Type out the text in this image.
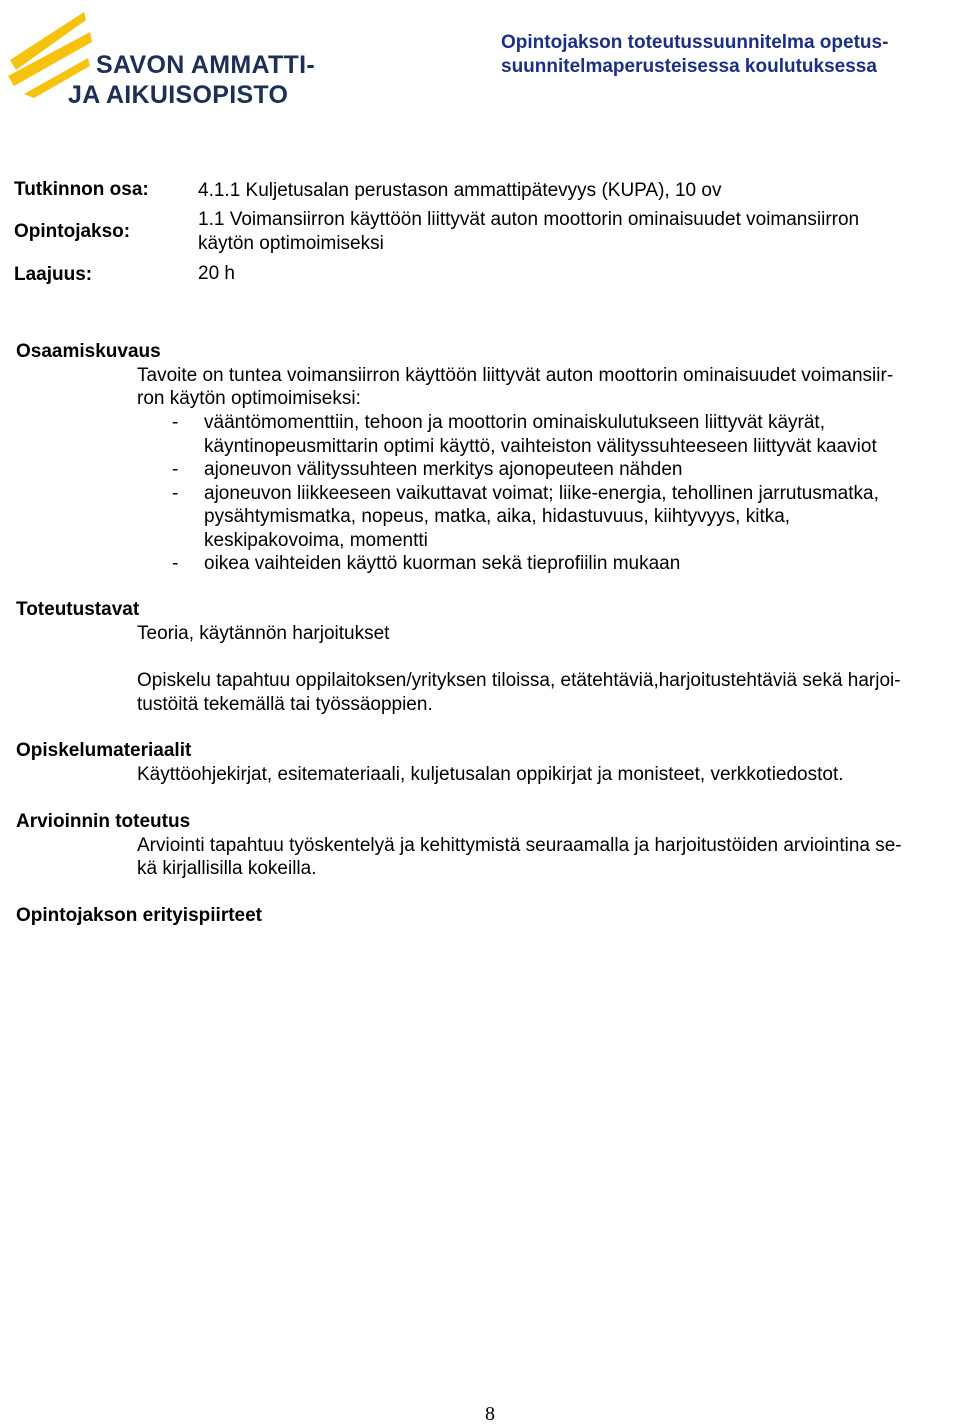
SAVON AMMATTI-
JA AIKUISOPISTO
Opintojakson toteutussuunnitelma opetus-
suunnitelmaperusteisessa koulutuksessa
Tutkinnon osa:	4.1.1 Kuljetusalan perustason ammattipätevyys (KUPA), 10 ov
Opintojakso:
1.1 Voimansiirron käyttöön liittyvät auton moottorin ominaisuudet voimansiirron
käytön optimoimiseksi
Laajuus:	20 h
Osaamiskuvaus
Tavoite on tuntea voimansiirron käyttöön liittyvät auton moottorin ominaisuudet voimansiir-
ron käytön optimoimiseksi:
- vääntömomenttiin, tehoon ja moottorin ominaiskulutukseen liittyvät käyrät,
käyntinopeusmittarin optimi käyttö, vaihteiston välityssuhteeseen liittyvät kaaviot
- ajoneuvon välityssuhteen merkitys ajonopeuteen nähden
- ajoneuvon liikkeeseen vaikuttavat voimat; liike-energia, tehollinen jarrutusmatka,
pysähtymismatka, nopeus, matka, aika, hidastuvuus, kiihtyvyys, kitka,
keskipakovoima, momentti
- oikea vaihteiden käyttö kuorman sekä tieprofiilin mukaan
Toteutustavat
Teoria, käytännön harjoitukset
Opiskelu tapahtuu oppilaitoksen/yrityksen tiloissa, etätehtäviä,harjoitustehtäviä sekä harjoi-
tustöitä tekemällä tai työssäoppien.
Opiskelumateriaalit
Käyttöohjekirjat, esitemateriaali, kuljetusalan oppikirjat ja monisteet, verkkotiedostot.
Arvioinnin toteutus
Arviointi tapahtuu työskentelyä ja kehittymistä seuraamalla ja harjoitustöiden arviointina se-
kä kirjallisilla kokeilla.
Opintojakson erityispiirteet
8
